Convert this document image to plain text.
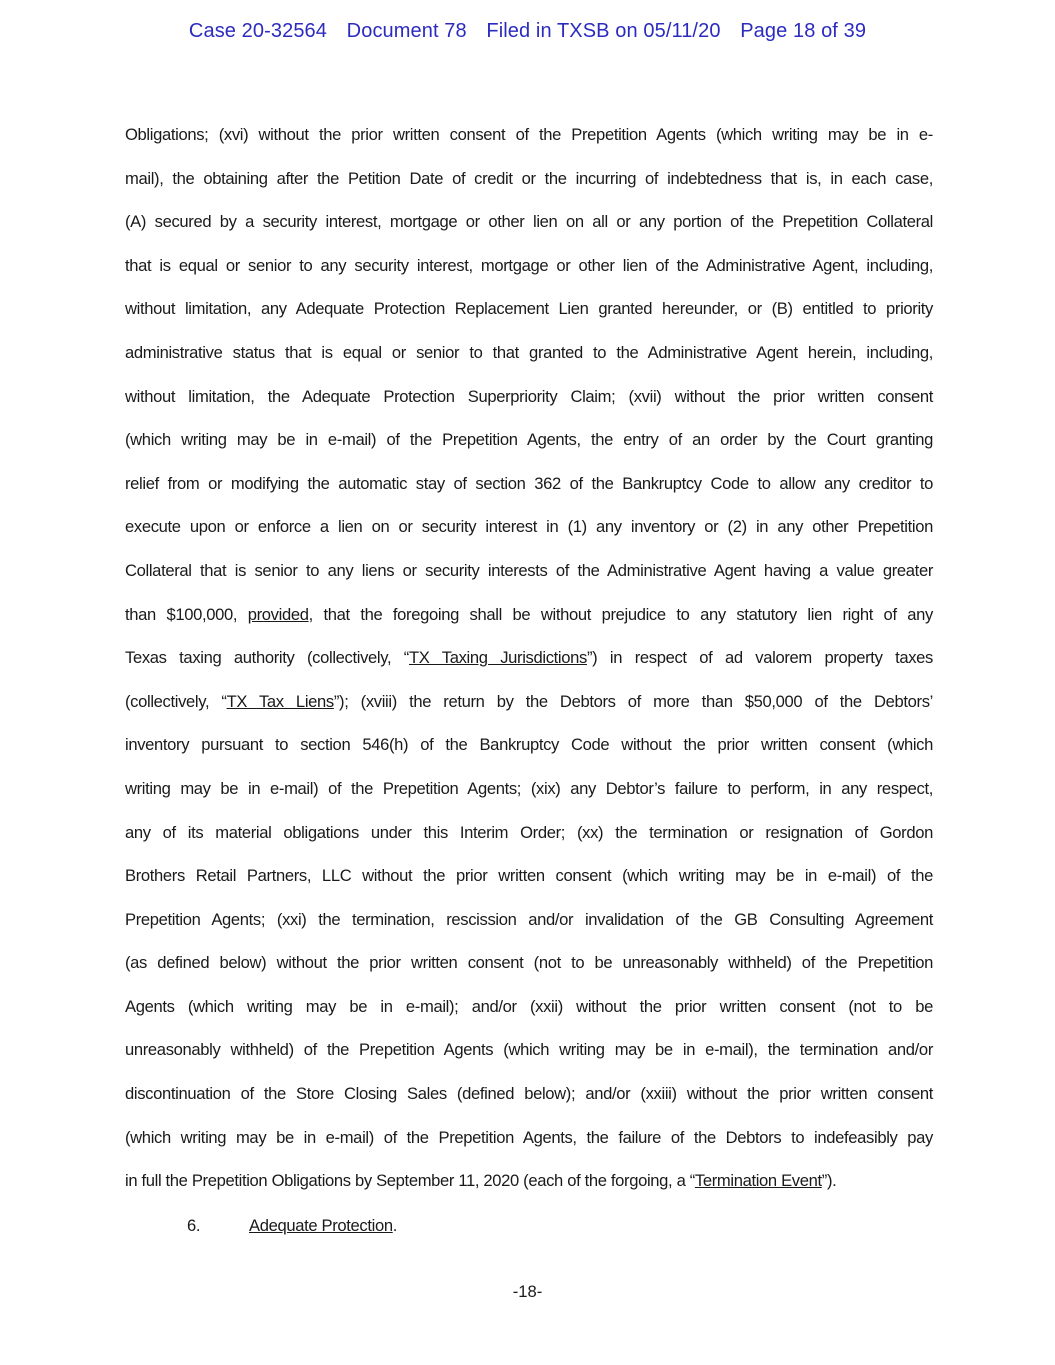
Case 20-32564 Document 78 Filed in TXSB on 05/11/20 Page 18 of 39
Obligations; (xvi) without the prior written consent of the Prepetition Agents (which writing may be in e-
mail), the obtaining after the Petition Date of credit or the incurring of indebtedness that is, in each case,
(A) secured by a security interest, mortgage or other lien on all or any portion of the Prepetition Collateral
that is equal or senior to any security interest, mortgage or other lien of the Administrative Agent, including,
without limitation, any Adequate Protection Replacement Lien granted hereunder, or (B) entitled to priority
administrative status that is equal or senior to that granted to the Administrative Agent herein, including,
without limitation, the Adequate Protection Superpriority Claim; (xvii) without the prior written consent
(which writing may be in e-mail) of the Prepetition Agents, the entry of an order by the Court granting
relief from or modifying the automatic stay of section 362 of the Bankruptcy Code to allow any creditor to
execute upon or enforce a lien on or security interest in (1) any inventory or (2) in any other Prepetition
Collateral that is senior to any liens or security interests of the Administrative Agent having a value greater
than $100,000, provided, that the foregoing shall be without prejudice to any statutory lien right of any
Texas taxing authority (collectively, “TX Taxing Jurisdictions”) in respect of ad valorem property taxes
(collectively, “TX Tax Liens”); (xviii) the return by the Debtors of more than $50,000 of the Debtors’
inventory pursuant to section 546(h) of the Bankruptcy Code without the prior written consent (which
writing may be in e-mail) of the Prepetition Agents; (xix) any Debtor’s failure to perform, in any respect,
any of its material obligations under this Interim Order; (xx) the termination or resignation of Gordon
Brothers Retail Partners, LLC without the prior written consent (which writing may be in e-mail) of the
Prepetition Agents; (xxi) the termination, rescission and/or invalidation of the GB Consulting Agreement
(as defined below) without the prior written consent (not to be unreasonably withheld) of the Prepetition
Agents (which writing may be in e-mail); and/or (xxii) without the prior written consent (not to be
unreasonably withheld) of the Prepetition Agents (which writing may be in e-mail), the termination and/or
discontinuation of the Store Closing Sales (defined below); and/or (xxiii) without the prior written consent
(which writing may be in e-mail) of the Prepetition Agents, the failure of the Debtors to indefeasibly pay
in full the Prepetition Obligations by September 11, 2020 (each of the forgoing, a “Termination Event”).
6.	Adequate Protection.
-18-
